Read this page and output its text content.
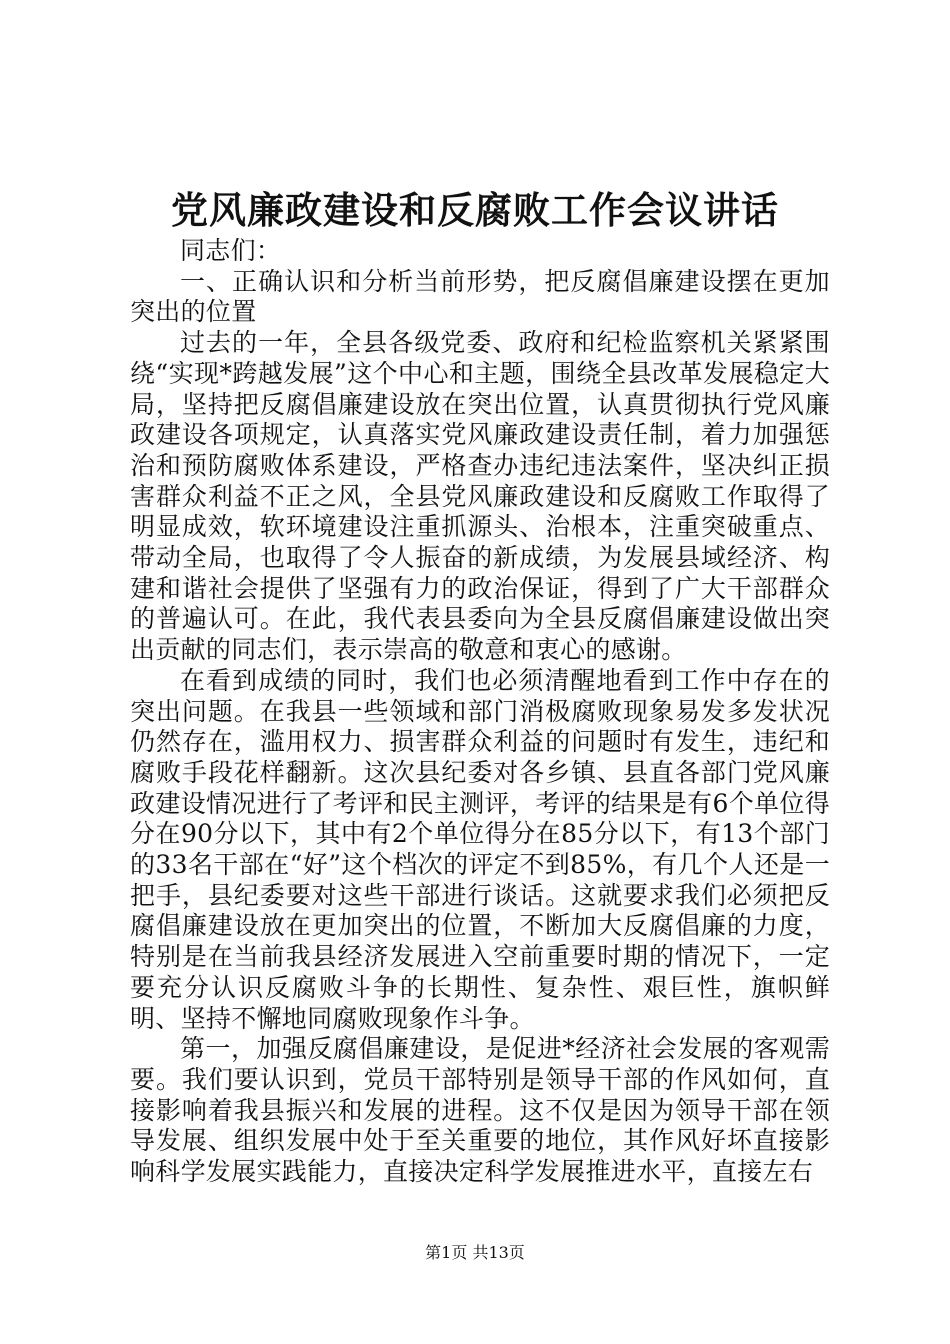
党风廉政建设和反腐败工作会议讲话

同志们：

一、正确认识和分析当前形势，把反腐倡廉建设摆在更加突出的位置

过去的一年，全县各级党委、政府和纪检监察机关紧紧围绕“实现*跨越发展”这个中心和主题，围绕全县改革发展稳定大局，坚持把反腐倡廉建设放在突出位置，认真贯彻执行党风廉政建设各项规定，认真落实党风廉政建设责任制，着力加强惩治和预防腐败体系建设，严格查办违纪违法案件，坚决纠正损害群众利益不正之风，全县党风廉政建设和反腐败工作取得了明显成效，软环境建设注重抓源头、治根本，注重突破重点、带动全局，也取得了令人振奋的新成绩，为发展县域经济、构建和谐社会提供了坚强有力的政治保证，得到了广大干部群众的普遍认可。在此，我代表县委向为全县反腐倡廉建设做出突出贡献的同志们，表示崇高的敬意和衷心的感谢。

在看到成绩的同时，我们也必须清醒地看到工作中存在的突出问题。在我县一些领域和部门消极腐败现象易发多发状况仍然存在，滥用权力、损害群众利益的问题时有发生，违纪和腐败手段花样翻新。这次县纪委对各乡镇、县直各部门党风廉政建设情况进行了考评和民主测评，考评的结果是有6个单位得分在90分以下，其中有2个单位得分在85分以下，有13个部门的33名干部在“好”这个档次的评定不到85%，有几个人还是一把手，县纪委要对这些干部进行谈话。这就要求我们必须把反腐倡廉建设放在更加突出的位置，不断加大反腐倡廉的力度，特别是在当前我县经济发展进入空前重要时期的情况下，一定要充分认识反腐败斗争的长期性、复杂性、艰巨性，旗帜鲜明、坚持不懈地同腐败现象作斗争。

第一，加强反腐倡廉建设，是促进*经济社会发展的客观需要。我们要认识到，党员干部特别是领导干部的作风如何，直接影响着我县振兴和发展的进程。这不仅是因为领导干部在领导发展、组织发展中处于至关重要的地位，其作风好坏直接影响科学发展实践能力，直接决定科学发展推进水平，直接左右

第1页 共13页
